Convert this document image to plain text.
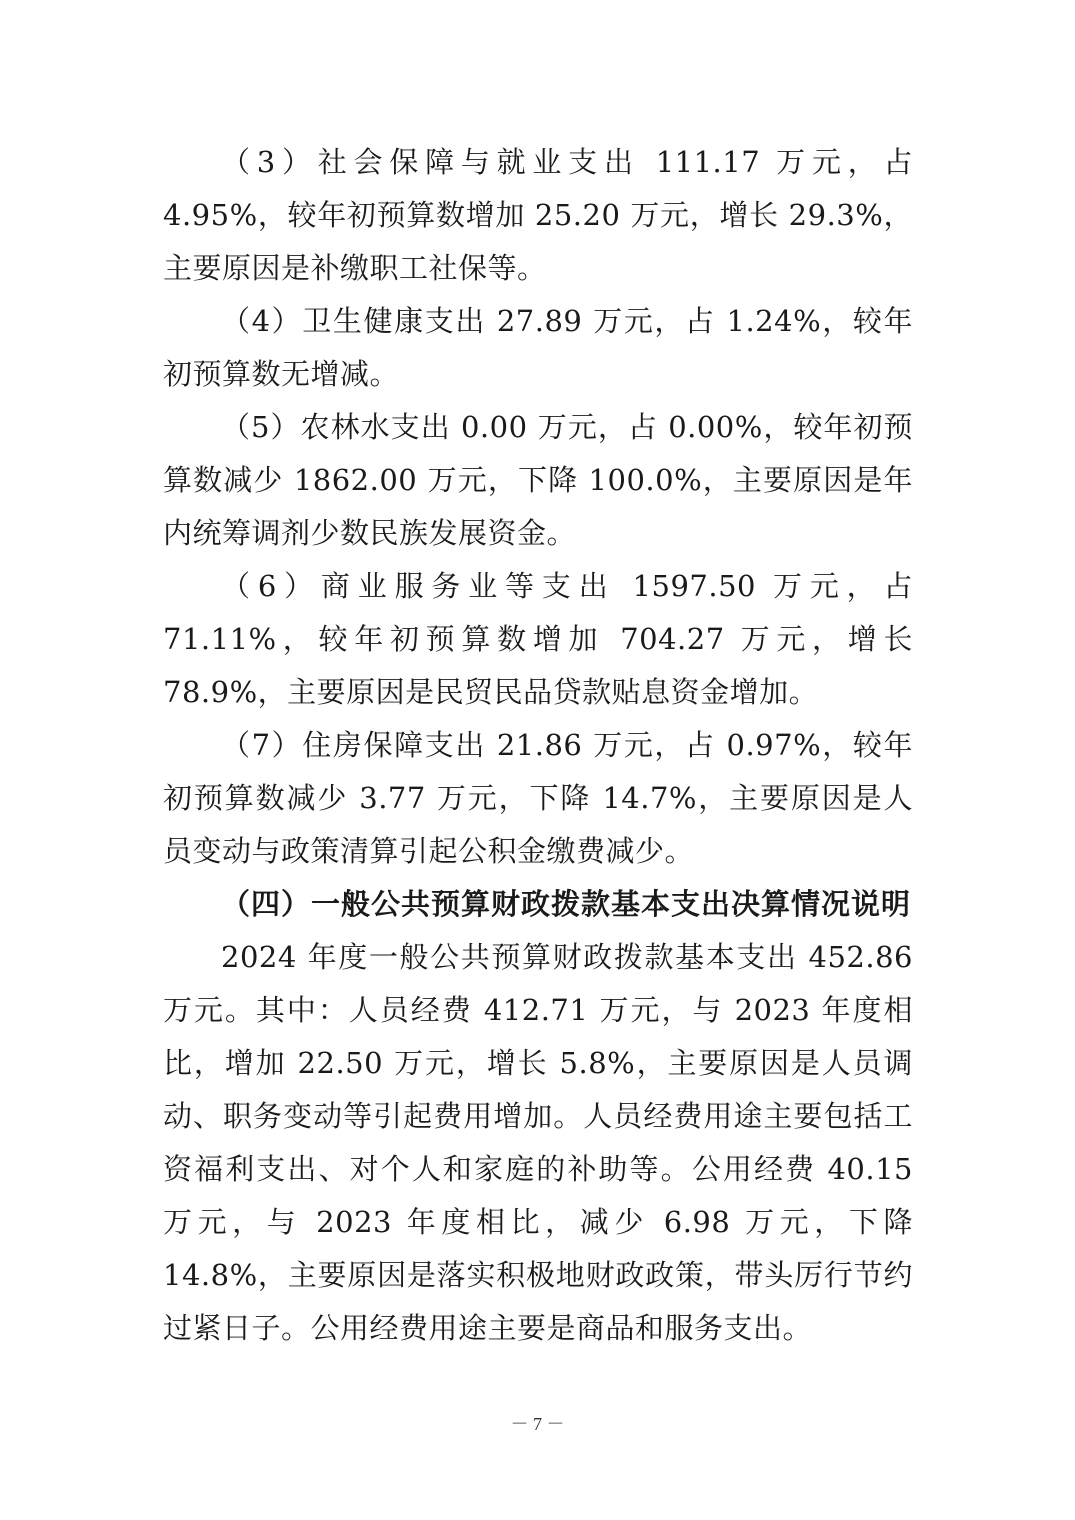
（3）社会保障与就业支出 111.17 万元，占 4.95%，较年初预算数增加 25.20 万元，增长 29.3%，主要原因是补缴职工社保等。

（4）卫生健康支出 27.89 万元，占 1.24%，较年初预算数无增减。

（5）农林水支出 0.00 万元，占 0.00%，较年初预算数减少 1862.00 万元，下降 100.0%，主要原因是年内统筹调剂少数民族发展资金。

（6）商业服务业等支出 1597.50 万元，占 71.11%，较年初预算数增加 704.27 万元，增长 78.9%，主要原因是民贸民品贷款贴息资金增加。

（7）住房保障支出 21.86 万元，占 0.97%，较年初预算数减少 3.77 万元，下降 14.7%，主要原因是人员变动与政策清算引起公积金缴费减少。

（四）一般公共预算财政拨款基本支出决算情况说明

2024 年度一般公共预算财政拨款基本支出 452.86 万元。其中：人员经费 412.71 万元，与 2023 年度相比，增加 22.50 万元，增长 5.8%，主要原因是人员调动、职务变动等引起费用增加。人员经费用途主要包括工资福利支出、对个人和家庭的补助等。公用经费 40.15 万元，与 2023 年度相比，减少 6.98 万元，下降 14.8%，主要原因是落实积极地财政政策，带头厉行节约过紧日子。公用经费用途主要是商品和服务支出。

－ 7 －
